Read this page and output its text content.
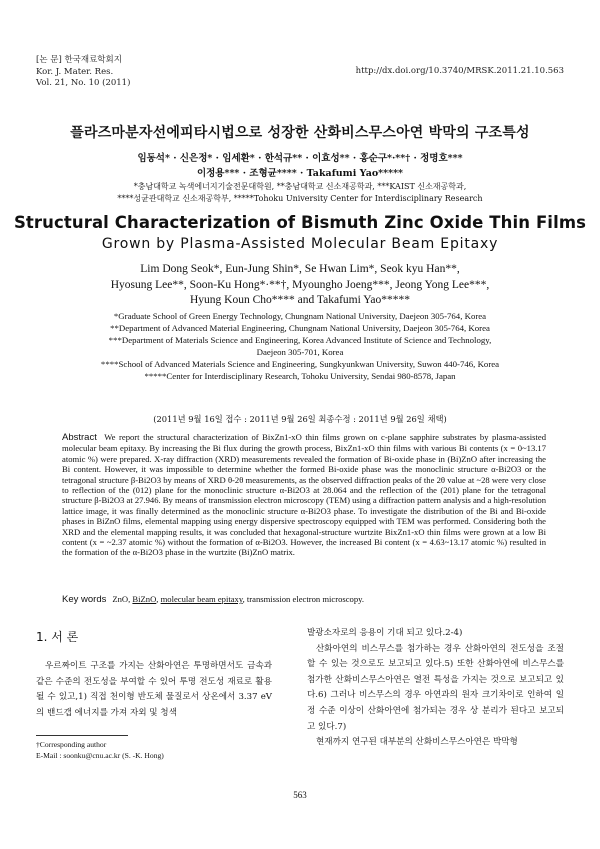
[논 문] 한국재료학회지
Kor. J. Mater. Res.
Vol. 21, No. 10 (2011)
http://dx.doi.org/10.3740/MRSK.2011.21.10.563
플라즈마분자선에피타시법으로 성장한 산화비스무스아연 박막의 구조특성
임동석* · 신은정* · 임세환* · 한석규** · 이효성** · 홍순구*·**† · 정명호***
이정용*** · 조형균**** · Takafumi Yao*****
*충남대학교 녹색에너지기술전문대학원, **충남대학교 신소재공학과, ***KAIST 신소재공학과,
****성균관대학교 신소재공학부, *****Tohoku University Center for Interdisciplinary Research
Structural Characterization of Bismuth Zinc Oxide Thin Films
Grown by Plasma-Assisted Molecular Beam Epitaxy
Lim Dong Seok*, Eun-Jung Shin*, Se Hwan Lim*, Seok kyu Han**,
Hyosung Lee**, Soon-Ku Hong*·**†, Myoungho Joeng***, Jeong Yong Lee***,
Hyung Koun Cho**** and Takafumi Yao*****
*Graduate School of Green Energy Technology, Chungnam National University, Daejeon 305-764, Korea
**Department of Advanced Material Engineering, Chungnam National University, Daejeon 305-764, Korea
***Department of Materials Science and Engineering, Korea Advanced Institute of Science and Technology,
Daejeon 305-701, Korea
****School of Advanced Materials Science and Engineering, Sungkyunkwan University, Suwon 440-746, Korea
*****Center for Interdisciplinary Research, Tohoku University, Sendai 980-8578, Japan
(2011년 9월 16일 접수 : 2011년 9월 26일 최종수정 : 2011년 9월 26일 채택)
Abstract We report the structural characterization of BixZn1-xO thin films grown on c-plane sapphire substrates by plasma-assisted molecular beam epitaxy. By increasing the Bi flux during the growth process, BixZn1-xO thin films with various Bi contents (x = 0~13.17 atomic %) were prepared. X-ray diffraction (XRD) measurements revealed the formation of Bi-oxide phase in (Bi)ZnO after increasing the Bi content. However, it was impossible to determine whether the formed Bi-oxide phase was the monoclinic structure α-Bi2O3 or the tetragonal structure β-Bi2O3 by means of XRD θ-2θ measurements, as the observed diffraction peaks of the 2θ value at ~28 were very close to reflection of the (012) plane for the monoclinic structure α-Bi2O3 at 28.064 and the reflection of the (201) plane for the tetragonal structure β-Bi2O3 at 27.946. By means of transmission electron microscopy (TEM) using a diffraction pattern analysis and a high-resolution lattice image, it was finally determined as the monoclinic structure α-Bi2O3 phase. To investigate the distribution of the Bi and Bi-oxide phases in BiZnO films, elemental mapping using energy dispersive spectroscopy equipped with TEM was performed. Considering both the XRD and the elemental mapping results, it was concluded that hexagonal-structure wurtzite BixZn1-xO thin films were grown at a low Bi content (x = ~2.37 atomic %) without the formation of α-Bi2O3. However, the increased Bi content (x = 4.63~13.17 atomic %) resulted in the formation of the α-Bi2O3 phase in the wurtzite (Bi)ZnO matrix.
Key words ZnO, BiZnO, molecular beam epitaxy, transmission electron microscopy.
1. 서 론

우르짜이트 구조를 가지는 산화아연은 투명하면서도 금속과 같은 수준의 전도성을 부여할 수 있어 투명 전도성 재료로 활용될 수 있고,1) 직접 천이형 반도체 물질로서 상온에서 3.37 eV의 밴드갭 에너지를 가져 자외 및 청색

발광소자로의 응용이 기대 되고 있다.2-4)

산화아연의 비스무스를 첨가하는 경우 산화아연의 전도성을 조절할 수 있는 것으로도 보고되고 있다.5) 또한 산화아연에 비스무스를 첨가한 산화비스무스아연은 열전 특성을 가지는 것으로 보고되고 있다.6) 그러나 비스무스의 경우 아연과의 원자 크기차이로 인하여 일정 수준 이상이 산화아연에 첨가되는 경우 상 분리가 된다고 보고되고 있다.7)

현재까지 연구된 대부분의 산화비스무스아연은 박막형

†Corresponding author
E-Mail : soonku@cnu.ac.kr (S. -K. Hong)
563
